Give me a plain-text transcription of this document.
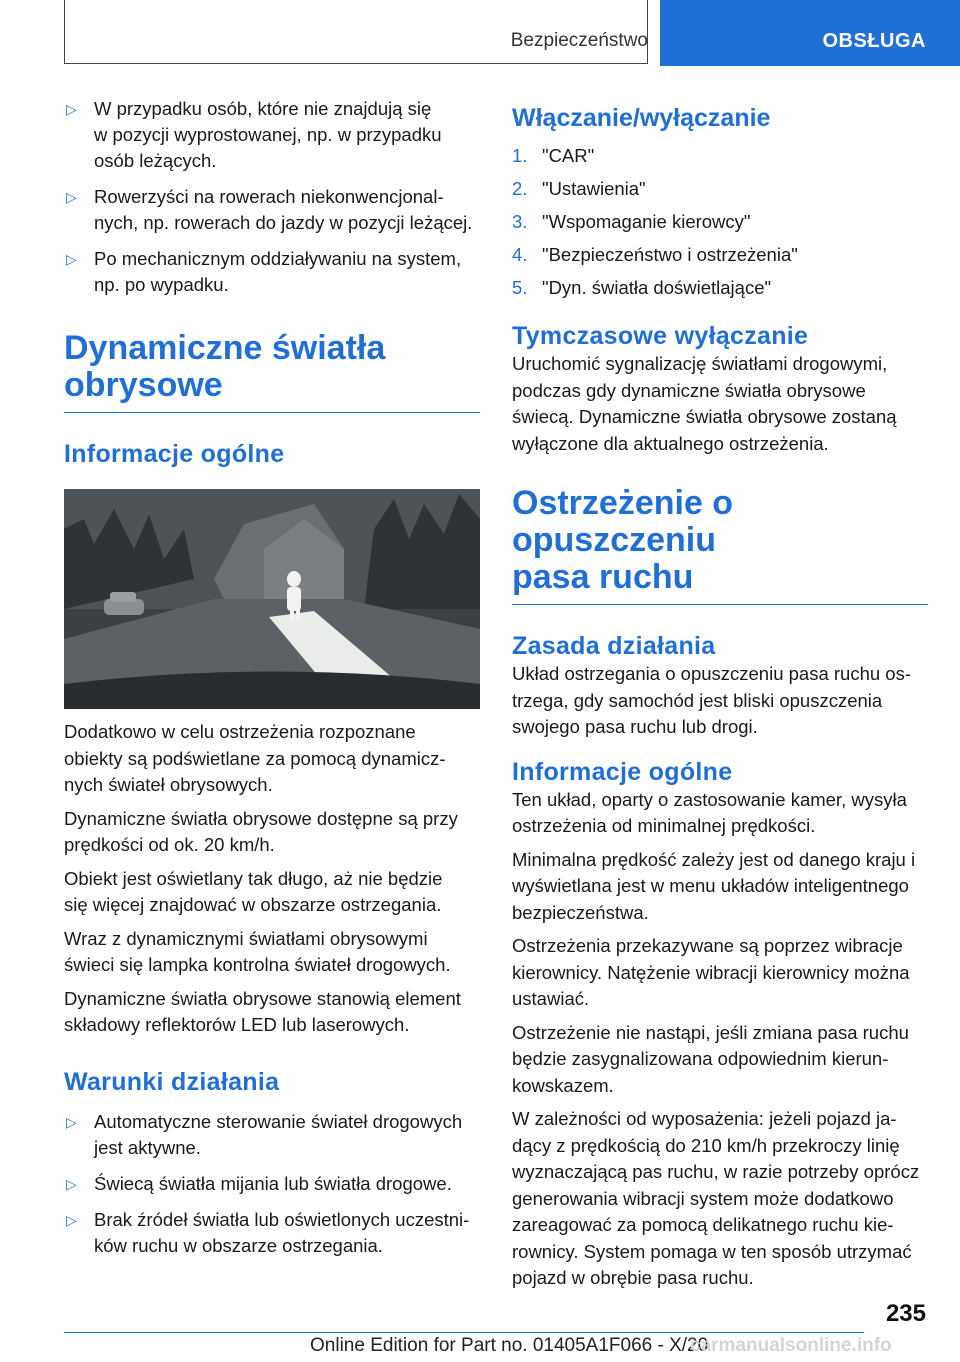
Bezpieczeństwo	OBSŁUGA
▷ W przypadku osób, które nie znajdują się
w pozycji wyprostowanej, np. w przypadku
osób leżących.
▷ Rowerzyści na rowerach niekonwencjonal-
nych, np. rowerach do jazdy w pozycji leżącej.
▷ Po mechanicznym oddziaływaniu na system,
np. po wypadku.
Dynamiczne światła
obrysowe
Informacje ogólne

Dodatkowo w celu ostrzeżenia rozpoznane
obiekty są podświetlane za pomocą dynamicz-
nych świateł obrysowych.

Dynamiczne światła obrysowe dostępne są przy
prędkości od ok. 20 km/h.

Obiekt jest oświetlany tak długo, aż nie będzie
się więcej znajdować w obszarze ostrzegania.

Wraz z dynamicznymi światłami obrysowymi
świeci się lampka kontrolna świateł drogowych.

Dynamiczne światła obrysowe stanowią element
składowy reflektorów LED lub laserowych.

Warunki działania
▷ Automatyczne sterowanie świateł drogowych
jest aktywne.
▷ Świecą światła mijania lub światła drogowe.
▷ Brak źródeł światła lub oświetlonych uczestni-
ków ruchu w obszarze ostrzegania.
Włączanie/wyłączanie
1. "CAR"
2. "Ustawienia"
3. "Wspomaganie kierowcy"
4. "Bezpieczeństwo i ostrzeżenia"
5. "Dyn. światła doświetlające"
Tymczasowe wyłączanie

Uruchomić sygnalizację światłami drogowymi,
podczas gdy dynamiczne światła obrysowe
świecą. Dynamiczne światła obrysowe zostaną
wyłączone dla aktualnego ostrzeżenia.

Ostrzeżenie o opuszczeniu
pasa ruchu
Zasada działania

Układ ostrzegania o opuszczeniu pasa ruchu os-
trzega, gdy samochód jest bliski opuszczenia
swojego pasa ruchu lub drogi.

Informacje ogólne

Ten układ, oparty o zastosowanie kamer, wysyła
ostrzeżenia od minimalnej prędkości.

Minimalna prędkość zależy jest od danego kraju i
wyświetlana jest w menu układów inteligentnego
bezpieczeństwa.

Ostrzeżenia przekazywane są poprzez wibracje
kierownicy. Natężenie wibracji kierownicy można
ustawiać.

Ostrzeżenie nie nastąpi, jeśli zmiana pasa ruchu
będzie zasygnalizowana odpowiednim kierun-
kowskazem.

W zależności od wyposażenia: jeżeli pojazd ja-
dący z prędkością do 210 km/h przekroczy linię
wyznaczającą pas ruchu, w razie potrzeby oprócz
generowania wibracji system może dodatkowo
zareagować za pomocą delikatnego ruchu kie-
rownicy. System pomaga w ten sposób utrzymać
pojazd w obrębie pasa ruchu.

235
Online Edition for Part no. 01405A1F066 - X/20
carmanualsonline.info
